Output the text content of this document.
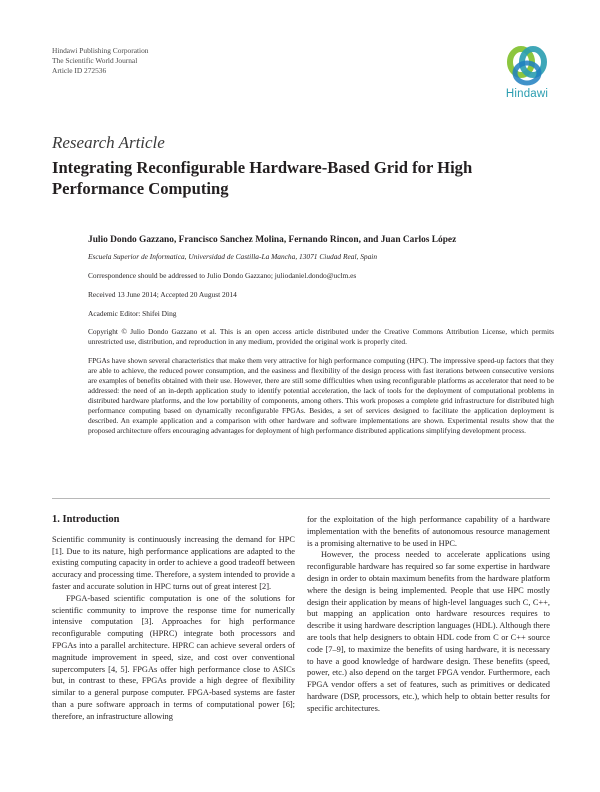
Hindawi Publishing Corporation
The Scientific World Journal
Article ID 272536
Hindawi
Research Article
Integrating Reconfigurable Hardware-Based Grid for High Performance Computing
Julio Dondo Gazzano, Francisco Sanchez Molina, Fernando Rincon, and Juan Carlos López
Escuela Superior de Informatica, Universidad de Castilla-La Mancha, 13071 Ciudad Real, Spain
Correspondence should be addressed to Julio Dondo Gazzano; juliodaniel.dondo@uclm.es
Received 13 June 2014; Accepted 20 August 2014
Academic Editor: Shifei Ding
Copyright © Julio Dondo Gazzano et al. This is an open access article distributed under the Creative Commons Attribution License, which permits unrestricted use, distribution, and reproduction in any medium, provided the original work is properly cited.
FPGAs have shown several characteristics that make them very attractive for high performance computing (HPC). The impressive speed-up factors that they are able to achieve, the reduced power consumption, and the easiness and flexibility of the design process with fast iterations between consecutive versions are examples of benefits obtained with their use. However, there are still some difficulties when using reconfigurable platforms as accelerator that need to be addressed: the need of an in-depth application study to identify potential acceleration, the lack of tools for the deployment of computational problems in distributed hardware platforms, and the low portability of components, among others. This work proposes a complete grid infrastructure for distributed high performance computing based on dynamically reconfigurable FPGAs. Besides, a set of services designed to facilitate the application deployment is described. An example application and a comparison with other hardware and software implementations are shown. Experimental results show that the proposed architecture offers encouraging advantages for deployment of high performance distributed applications simplifying development process.
1. Introduction

Scientific community is continuously increasing the demand for HPC [1]. Due to its nature, high performance applications are adapted to the existing computing capacity in order to achieve a good tradeoff between accuracy and processing time. Therefore, a system intended to provide a faster and accurate solution in HPC turns out of great interest [2].

FPGA-based scientific computation is one of the solutions for scientific community to improve the response time for numerically intensive computation [3]. Approaches for high performance reconfigurable computing (HPRC) integrate both processors and FPGAs into a parallel architecture. HPRC can achieve several orders of magnitude improvement in speed, size, and cost over conventional supercomputers [4, 5]. FPGAs offer high performance close to ASICs but, in contrast to these, FPGAs provide a high degree of flexibility similar to a general purpose computer. FPGA-based systems are faster than a pure software approach in terms of computational power [6]; therefore, an infrastructure allowing

for the exploitation of the high performance capability of a hardware implementation with the benefits of autonomous resource management is a promising alternative to be used in HPC.

However, the process needed to accelerate applications using reconfigurable hardware has required so far some expertise in hardware design in order to obtain maximum benefits from the hardware platform where the design is being implemented. People that use HPC mostly design their application by means of high-level languages such C, C++, but mapping an application onto hardware resources requires to describe it using hardware description languages (HDL). Although there are tools that help designers to obtain HDL code from C or C++ source code [7–9], to maximize the benefits of using hardware, it is necessary to have a good knowledge of hardware design. These benefits (speed, power, etc.) also depend on the target FPGA vendor. Furthermore, each FPGA vendor offers a set of features, such as primitives or dedicated hardware (DSP, processors, etc.), which help to obtain better results for specific architectures.
